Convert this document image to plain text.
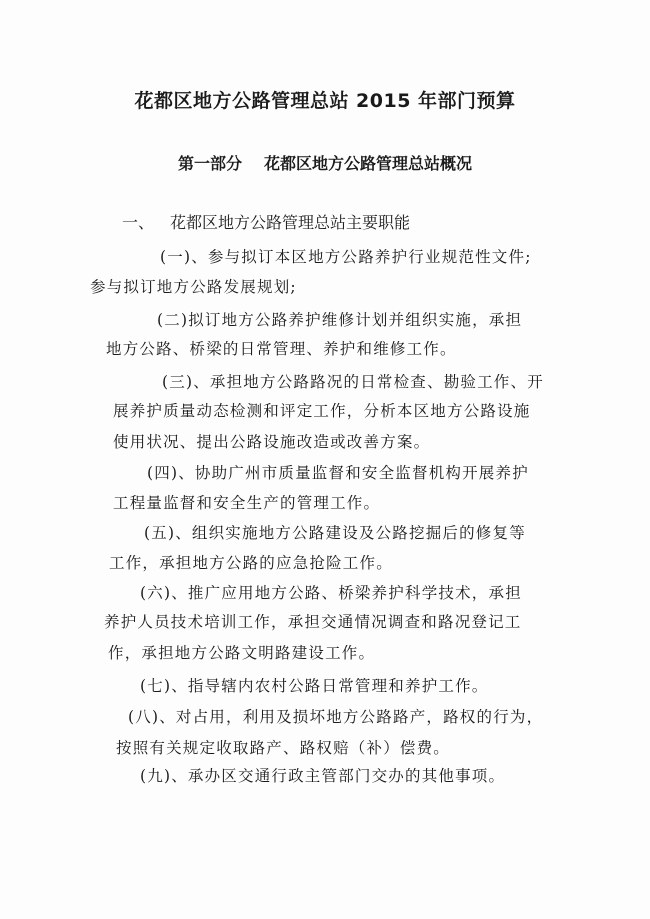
花都区地方公路管理总站 2015 年部门预算
第一部分 花都区地方公路管理总站概况
一、 花都区地方公路管理总站主要职能
(一)、参与拟订本区地方公路养护行业规范性文件;
参与拟订地方公路发展规划;
(二)拟订地方公路养护维修计划并组织实施，承担
地方公路、桥梁的日常管理、养护和维修工作。
(三)、承担地方公路路况的日常检查、勘验工作、开
展养护质量动态检测和评定工作，分析本区地方公路设施
使用状况、提出公路设施改造或改善方案。
(四)、协助广州市质量监督和安全监督机构开展养护
工程量监督和安全生产的管理工作。
(五)、组织实施地方公路建设及公路挖掘后的修复等
工作，承担地方公路的应急抢险工作。
(六)、推广应用地方公路、桥梁养护科学技术，承担
养护人员技术培训工作，承担交通情况调查和路况登记工
作，承担地方公路文明路建设工作。
(七)、指导辖内农村公路日常管理和养护工作。
(八)、对占用，利用及损坏地方公路路产，路权的行为，
按照有关规定收取路产、路权赔（补）偿费。
(九)、承办区交通行政主管部门交办的其他事项。
